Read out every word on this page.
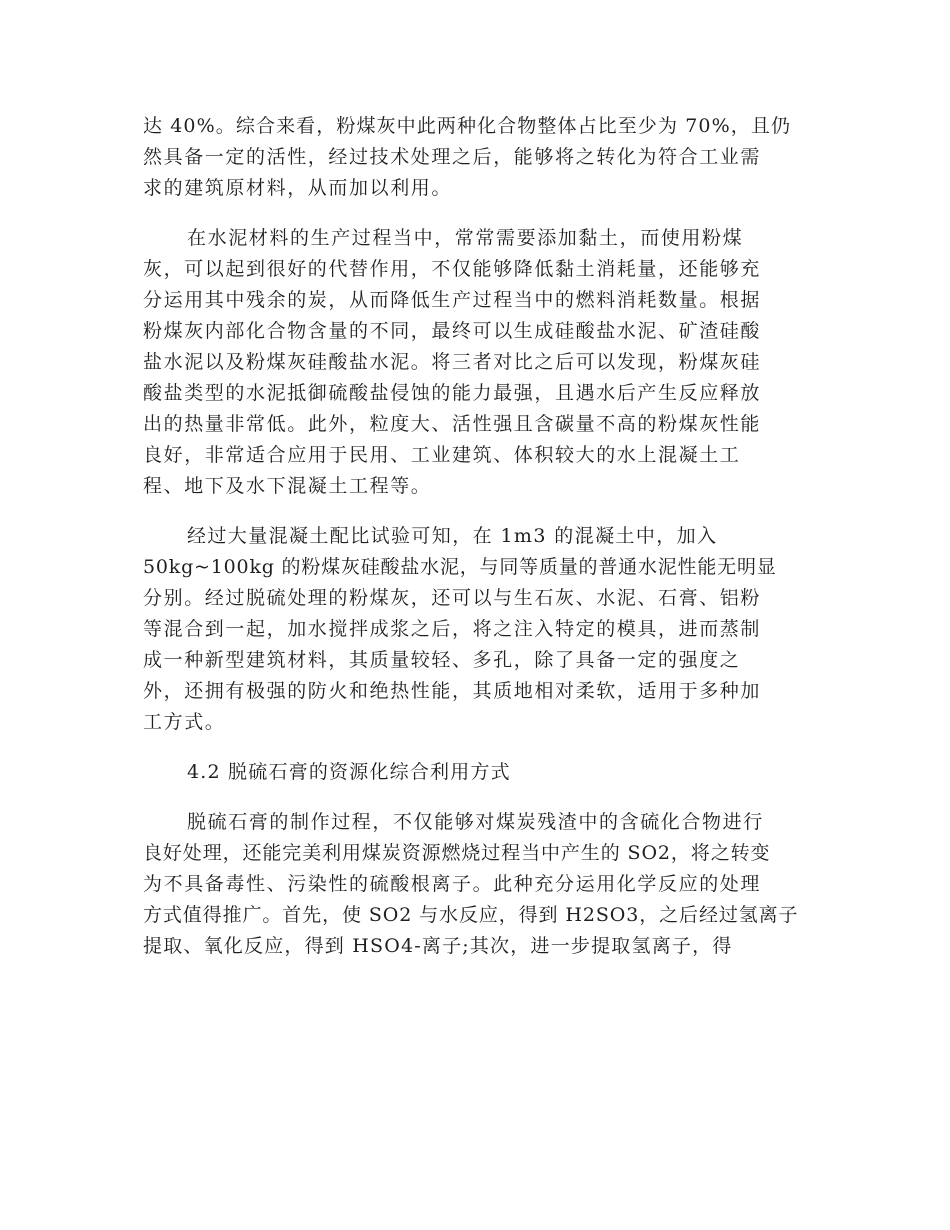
达 40%。综合来看，粉煤灰中此两种化合物整体占比至少为 70%，且仍
然具备一定的活性，经过技术处理之后，能够将之转化为符合工业需
求的建筑原材料，从而加以利用。
在水泥材料的生产过程当中，常常需要添加黏土，而使用粉煤
灰，可以起到很好的代替作用，不仅能够降低黏土消耗量，还能够充
分运用其中残余的炭，从而降低生产过程当中的燃料消耗数量。根据
粉煤灰内部化合物含量的不同，最终可以生成硅酸盐水泥、矿渣硅酸
盐水泥以及粉煤灰硅酸盐水泥。将三者对比之后可以发现，粉煤灰硅
酸盐类型的水泥抵御硫酸盐侵蚀的能力最强，且遇水后产生反应释放
出的热量非常低。此外，粒度大、活性强且含碳量不高的粉煤灰性能
良好，非常适合应用于民用、工业建筑、体积较大的水上混凝土工
程、地下及水下混凝土工程等。
经过大量混凝土配比试验可知，在 1m3 的混凝土中，加入
50kg~100kg 的粉煤灰硅酸盐水泥，与同等质量的普通水泥性能无明显
分别。经过脱硫处理的粉煤灰，还可以与生石灰、水泥、石膏、铝粉
等混合到一起，加水搅拌成浆之后，将之注入特定的模具，进而蒸制
成一种新型建筑材料，其质量较轻、多孔，除了具备一定的强度之
外，还拥有极强的防火和绝热性能，其质地相对柔软，适用于多种加
工方式。
4.2 脱硫石膏的资源化综合利用方式
脱硫石膏的制作过程，不仅能够对煤炭残渣中的含硫化合物进行
良好处理，还能完美利用煤炭资源燃烧过程当中产生的 SO2，将之转变
为不具备毒性、污染性的硫酸根离子。此种充分运用化学反应的处理
方式值得推广。首先，使 SO2 与水反应，得到 H2SO3，之后经过氢离子
提取、氧化反应，得到 HSO4-离子;其次，进一步提取氢离子，得
